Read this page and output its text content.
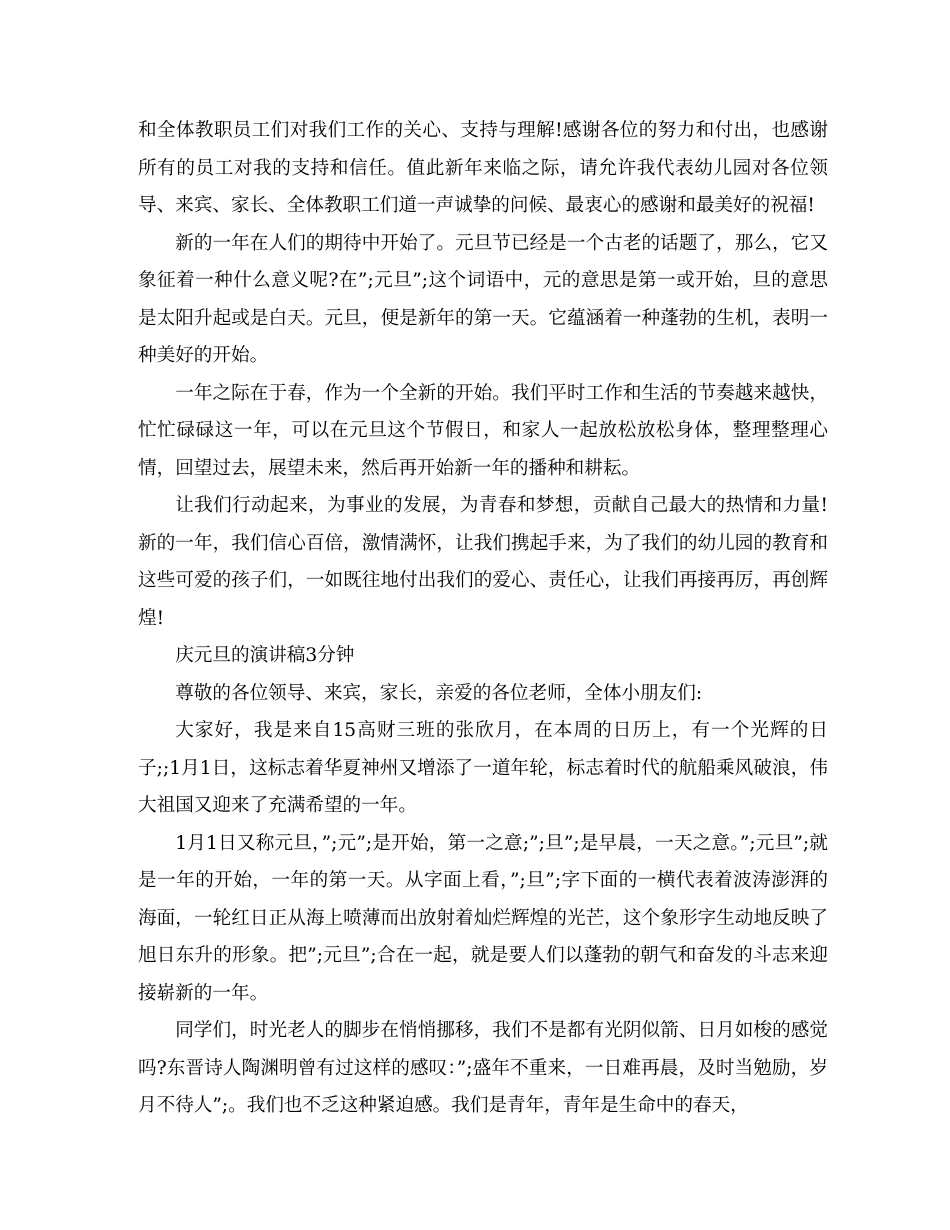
和全体教职员工们对我们工作的关心、支持与理解!感谢各位的努力和付出，也感谢所有的员工对我的支持和信任。值此新年来临之际，请允许我代表幼儿园对各位领导、来宾、家长、全体教职工们道一声诚挚的问候、最衷心的感谢和最美好的祝福!

新的一年在人们的期待中开始了。元旦节已经是一个古老的话题了，那么，它又象征着一种什么意义呢?在”;元旦”;这个词语中，元的意思是第一或开始，旦的意思是太阳升起或是白天。元旦，便是新年的第一天。它蕴涵着一种蓬勃的生机，表明一种美好的开始。

一年之际在于春，作为一个全新的开始。我们平时工作和生活的节奏越来越快，忙忙碌碌这一年，可以在元旦这个节假日，和家人一起放松放松身体，整理整理心情，回望过去，展望未来，然后再开始新一年的播种和耕耘。

让我们行动起来，为事业的发展，为青春和梦想，贡献自己最大的热情和力量!新的一年，我们信心百倍，激情满怀，让我们携起手来，为了我们的幼儿园的教育和这些可爱的孩子们，一如既往地付出我们的爱心、责任心，让我们再接再厉，再创辉煌!

庆元旦的演讲稿3分钟

尊敬的各位领导、来宾，家长，亲爱的各位老师，全体小朋友们:

大家好，我是来自15高财三班的张欣月，在本周的日历上，有一个光辉的日子;;1月1日，这标志着华夏神州又增添了一道年轮，标志着时代的航船乘风破浪，伟大祖国又迎来了充满希望的一年。

1月1日又称元旦，”;元”;是开始，第一之意;”;旦”;是早晨，一天之意。”;元旦”;就是一年的开始，一年的第一天。从字面上看，”;旦”;字下面的一横代表着波涛澎湃的海面，一轮红日正从海上喷薄而出放射着灿烂辉煌的光芒，这个象形字生动地反映了旭日东升的形象。把”;元旦”;合在一起，就是要人们以蓬勃的朝气和奋发的斗志来迎接崭新的一年。

同学们，时光老人的脚步在悄悄挪移，我们不是都有光阴似箭、日月如梭的感觉吗?东晋诗人陶渊明曾有过这样的感叹：”;盛年不重来，一日难再晨，及时当勉励，岁月不待人”;。我们也不乏这种紧迫感。我们是青年，青年是生命中的春天，
